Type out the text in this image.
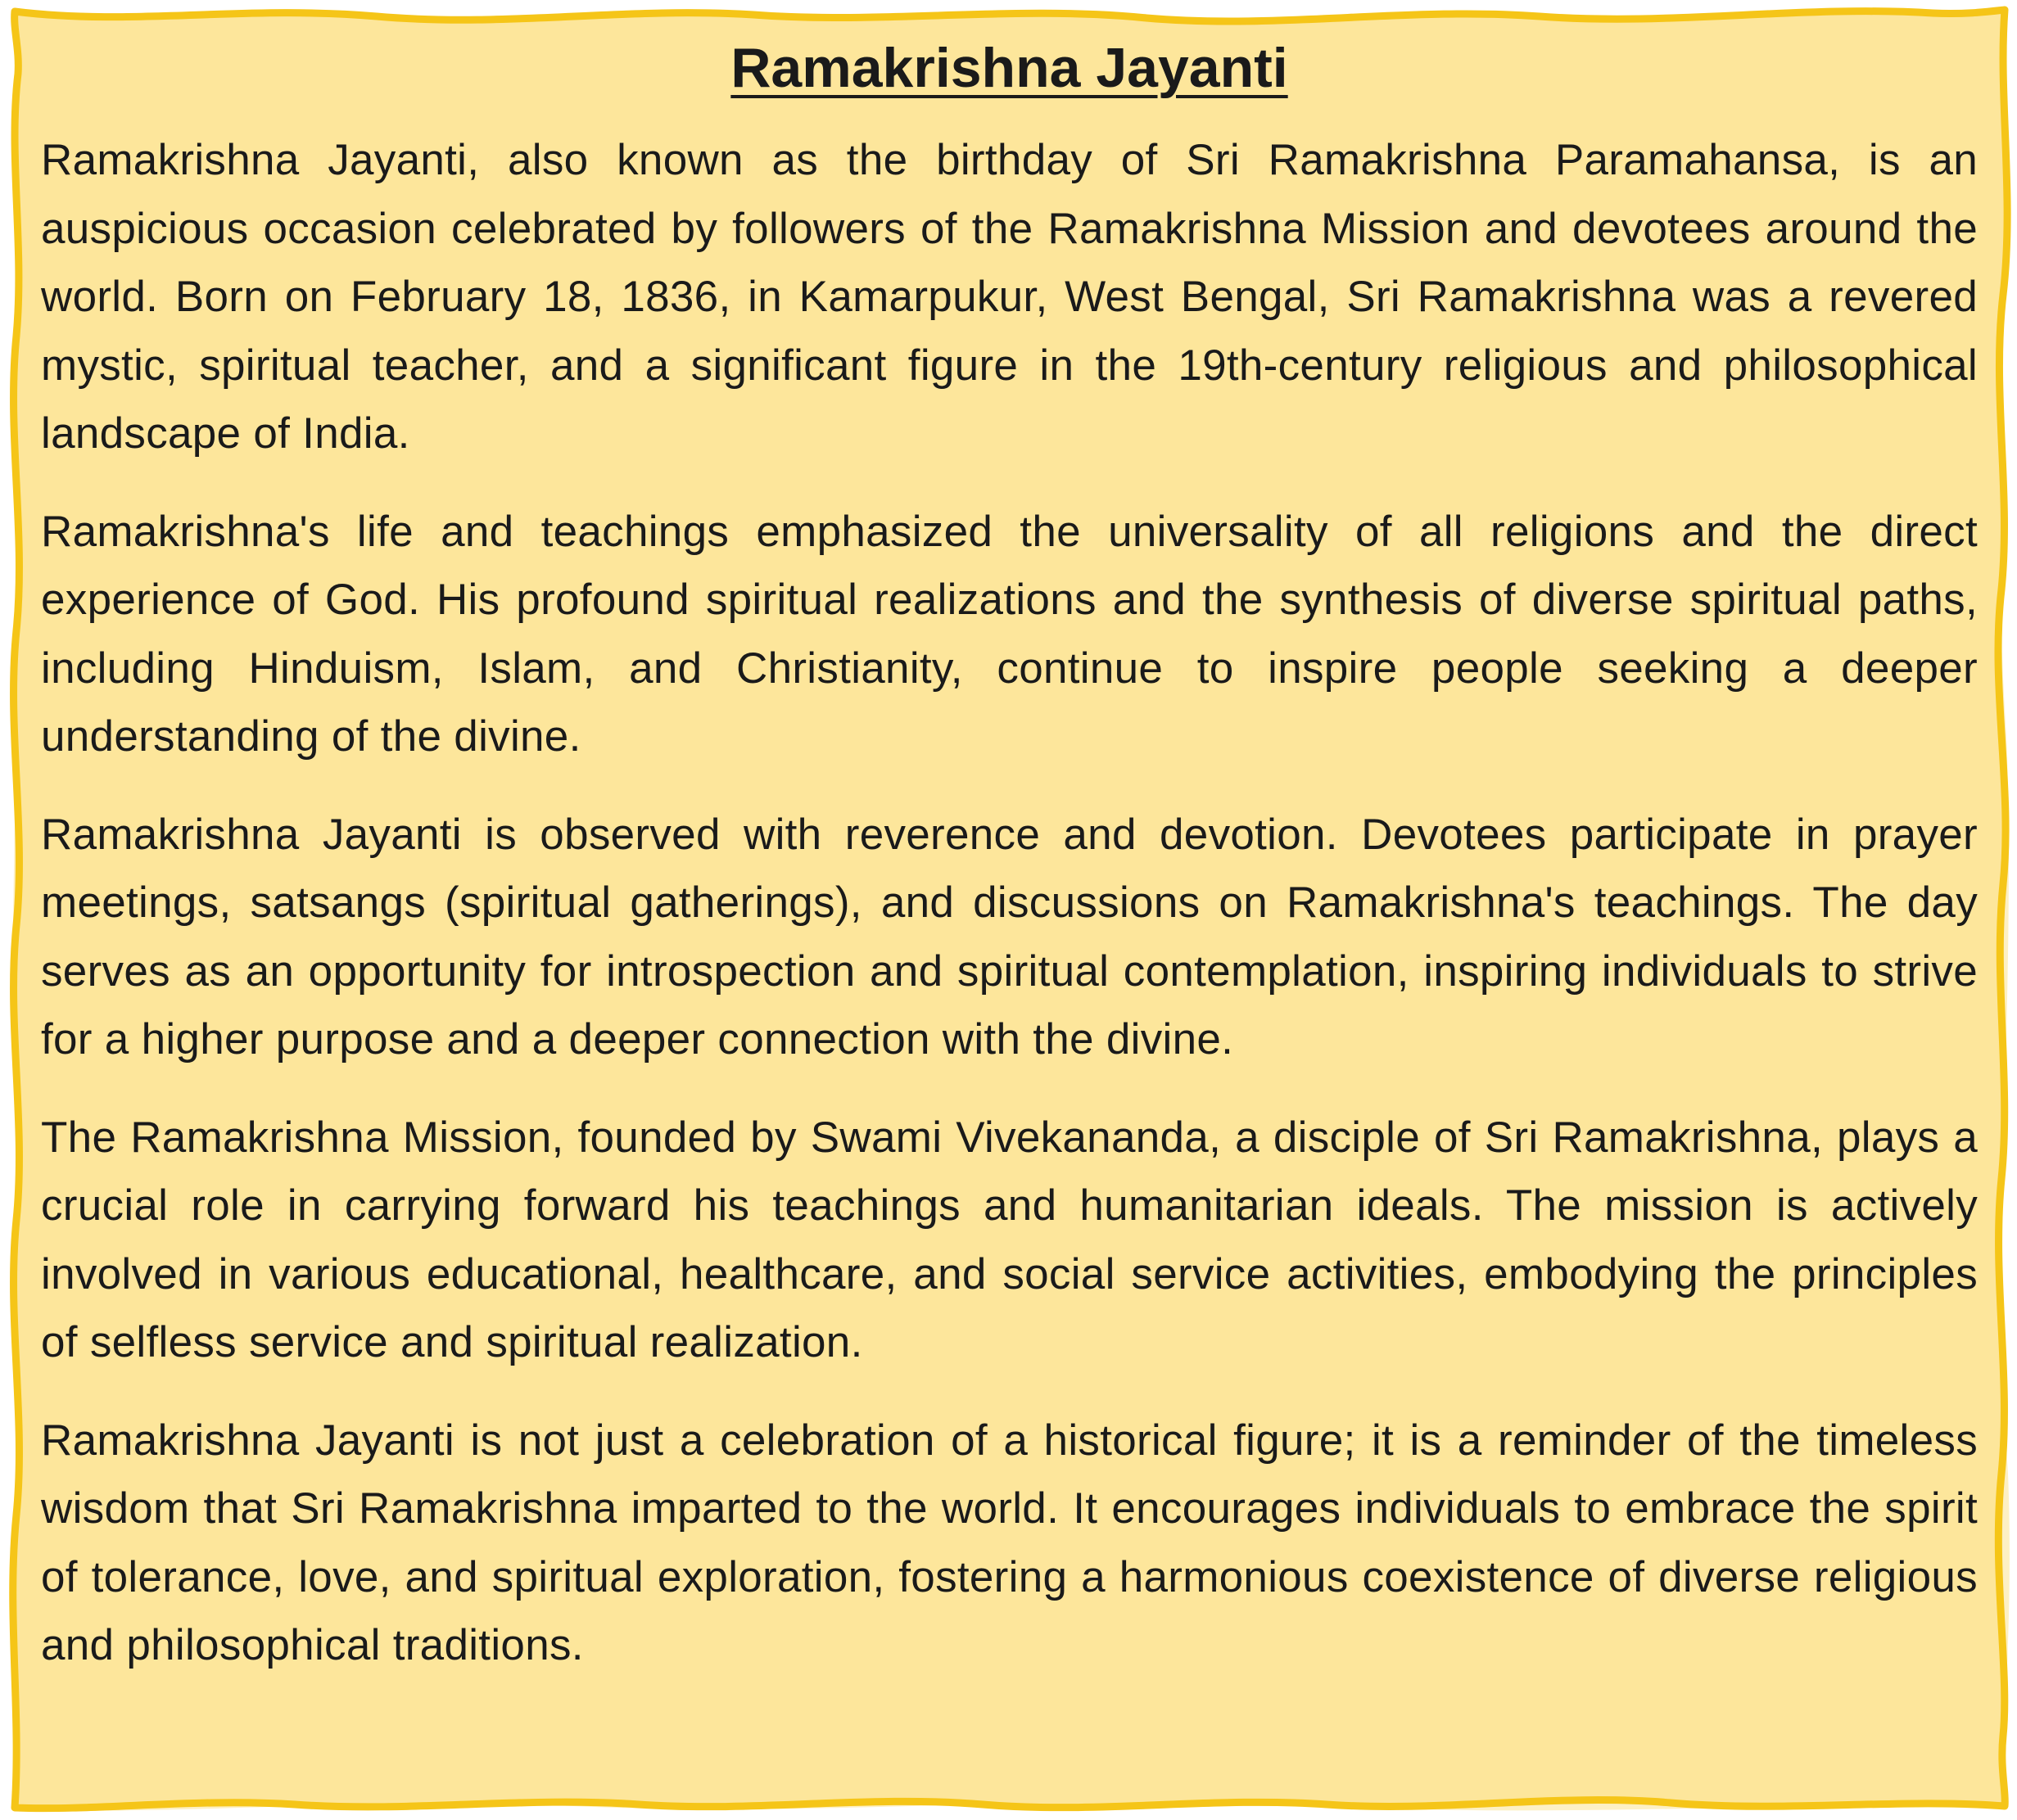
Ramakrishna Jayanti

Ramakrishna Jayanti, also known as the birthday of Sri Ramakrishna Paramahansa, is an auspicious occasion celebrated by followers of the Ramakrishna Mission and devotees around the world. Born on February 18, 1836, in Kamarpukur, West Bengal, Sri Ramakrishna was a revered mystic, spiritual teacher, and a significant figure in the 19th-century religious and philosophical landscape of India.

Ramakrishna's life and teachings emphasized the universality of all religions and the direct experience of God. His profound spiritual realizations and the synthesis of diverse spiritual paths, including Hinduism, Islam, and Christianity, continue to inspire people seeking a deeper understanding of the divine.

Ramakrishna Jayanti is observed with reverence and devotion. Devotees participate in prayer meetings, satsangs (spiritual gatherings), and discussions on Ramakrishna's teachings. The day serves as an opportunity for introspection and spiritual contemplation, inspiring individuals to strive for a higher purpose and a deeper connection with the divine.

The Ramakrishna Mission, founded by Swami Vivekananda, a disciple of Sri Ramakrishna, plays a crucial role in carrying forward his teachings and humanitarian ideals. The mission is actively involved in various educational, healthcare, and social service activities, embodying the principles of selfless service and spiritual realization.

Ramakrishna Jayanti is not just a celebration of a historical figure; it is a reminder of the timeless wisdom that Sri Ramakrishna imparted to the world. It encourages individuals to embrace the spirit of tolerance, love, and spiritual exploration, fostering a harmonious coexistence of diverse religious and philosophical traditions.
